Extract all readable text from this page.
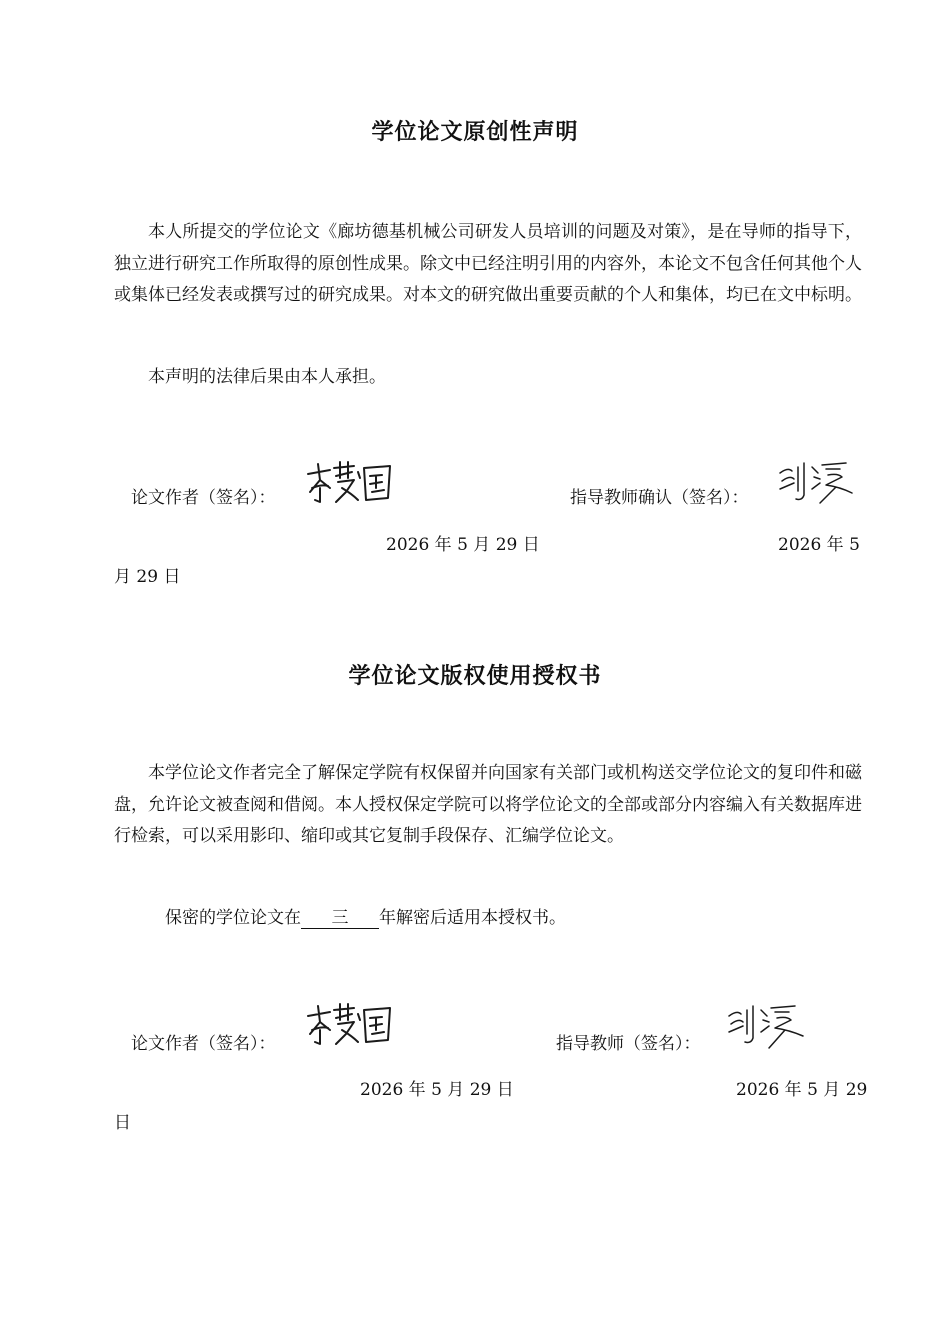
学位论文原创性声明

本人所提交的学位论文《廊坊德基机械公司研发人员培训的问题及对策》，是在导师的指导下，独立进行研究工作所取得的原创性成果。除文中已经注明引用的内容外，本论文不包含任何其他个人或集体已经发表或撰写过的研究成果。对本文的研究做出重要贡献的个人和集体，均已在文中标明。

本声明的法律后果由本人承担。

论文作者（签名）：	指导教师确认（签名）：
2026 年 5 月 29 日	2026 年 5
月 29 日
学位论文版权使用授权书

本学位论文作者完全了解保定学院有权保留并向国家有关部门或机构送交学位论文的复印件和磁盘，允许论文被查阅和借阅。本人授权保定学院可以将学位论文的全部或部分内容编入有关数据库进行检索，可以采用影印、缩印或其它复制手段保存、汇编学位论文。

保密的学位论文在 三 年解密后适用本授权书。
论文作者（签名）：	指导教师（签名）：
2026 年 5 月 29 日	2026 年 5 月 29
日
